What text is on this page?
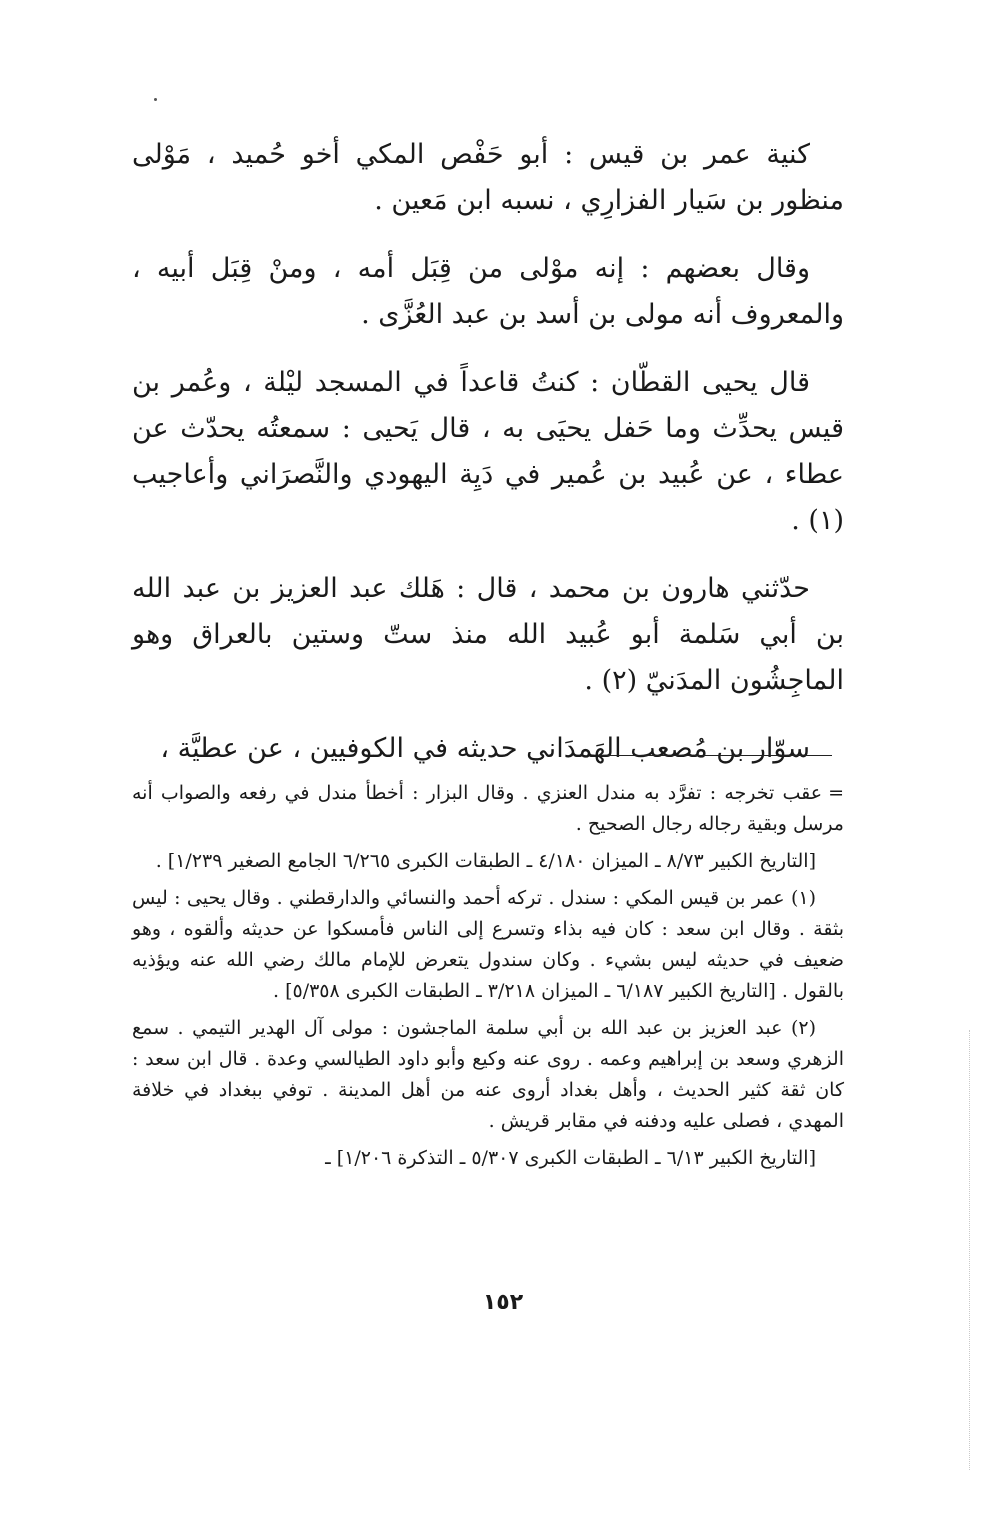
كنية عمر بن قيس : أبو حَفْص المكي أخو حُميد ، مَوْلى منظور بن سَيار الفزارِي ، نسبه ابن مَعين .

وقال بعضهم : إنه موْلى من قِبَل أمه ، ومنْ قِبَل أبيه ، والمعروف أنه مولى بن أسد بن عبد العُزَّى .

قال يحيى القطّان : كنتُ قاعداً في المسجد ليْلة ، وعُمر بن قيس يحدِّث وما حَفل يحيَى به ، قال يَحيى : سمعتُه يحدّث عن عطاء ، عن عُبيد بن عُمير في دَيِة اليهودي والنَّصرَاني وأعاجيب (١) .

حدّثني هارون بن محمد ، قال : هَلك عبد العزيز بن عبد الله بن أبي سَلمة أبو عُبيد الله منذ ستّ وستين بالعراق وهو الماجِشُون المدَنيّ (٢) .

سوّار بن مُصعب الهَمدَاني حديثه في الكوفيين ، عن عطيَّة ،

=عقب تخرجه : تفرَّد به مندل العنزي . وقال البزار : أخطأ مندل في رفعه والصواب أنه مرسل وبقية رجاله رجال الصحيح .

[التاريخ الكبير ٨/٧٣ ـ الميزان ٤/١٨٠ ـ الطبقات الكبرى ٦/٢٦٥ الجامع الصغير ١/٢٣٩] .

(١) عمر بن قيس المكي : سندل . تركه أحمد والنسائي والدارقطني . وقال يحيى : ليس بثقة . وقال ابن سعد : كان فيه بذاء وتسرع إلى الناس فأمسكوا عن حديثه وألقوه ، وهو ضعيف في حديثه ليس بشيء . وكان سندول يتعرض للإمام مالك رضي الله عنه ويؤذيه بالقول . [التاريخ الكبير ٦/١٨٧ ـ الميزان ٣/٢١٨ ـ الطبقات الكبرى ٥/٣٥٨] .

(٢) عبد العزيز بن عبد الله بن أبي سلمة الماجشون : مولى آل الهدير التيمي . سمع الزهري وسعد بن إبراهيم وعمه . روى عنه وكيع وأبو داود الطيالسي وعدة . قال ابن سعد : كان ثقة كثير الحديث ، وأهل بغداد أروى عنه من أهل المدينة . توفي ببغداد في خلافة المهدي ، فصلى عليه ودفنه في مقابر قريش .

[التاريخ الكبير ٦/١٣ ـ الطبقات الكبرى ٥/٣٠٧ ـ التذكرة ١/٢٠٦] ـ

١٥٢
